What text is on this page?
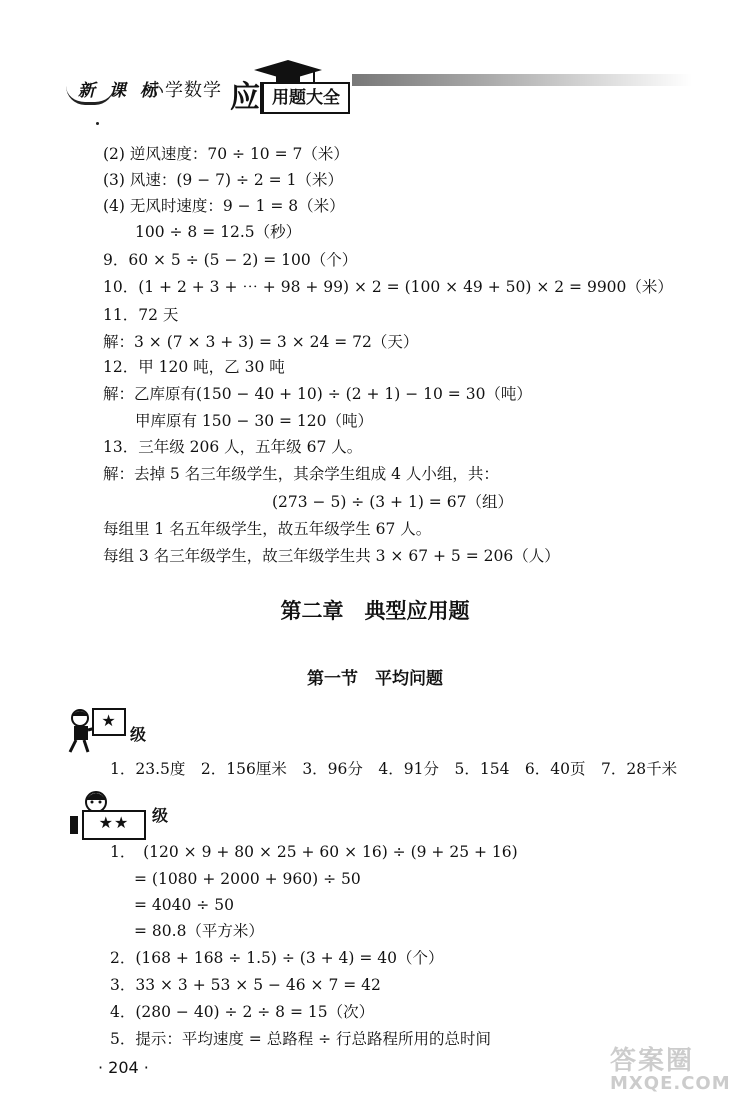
新 课 标
小学数学 应 用题大全
(2) 逆风速度：70 ÷ 10 = 7（米）
(3) 风速：(9 − 7) ÷ 2 = 1（米）
(4) 无风时速度：9 − 1 = 8（米）
100 ÷ 8 = 12.5（秒）
9．60 × 5 ÷ (5 − 2) = 100（个）
10．(1 + 2 + 3 + ⋯ + 98 + 99) × 2 = (100 × 49 + 50) × 2 = 9900（米）
11．72 天
解：3 × (7 × 3 + 3) = 3 × 24 = 72（天）
12．甲 120 吨，乙 30 吨
解：乙库原有(150 − 40 + 10) ÷ (2 + 1) − 10 = 30（吨）
甲库原有 150 − 30 = 120（吨）
13．三年级 206 人，五年级 67 人。
解：去掉 5 名三年级学生，其余学生组成 4 人小组，共：
(273 − 5) ÷ (3 + 1) = 67（组）
每组里 1 名五年级学生，故五年级学生 67 人。
每组 3 名三年级学生，故三年级学生共 3 × 67 + 5 = 206（人）
第二章　典型应用题
第一节　平均问题
★
级
1．23.5度　2．156厘米　3．96分　4．91分　5．154　6．40页　7．28千米
★★	级
1．　(120 × 9 + 80 × 25 + 60 × 16) ÷ (9 + 25 + 16)
= (1080 + 2000 + 960) ÷ 50
= 4040 ÷ 50
= 80.8（平方米）
2．(168 + 168 ÷ 1.5) ÷ (3 + 4) = 40（个）
3．33 × 3 + 53 × 5 − 46 × 7 = 42
4．(280 − 40) ÷ 2 ÷ 8 = 15（次）
5．提示：平均速度 = 总路程 ÷ 行总路程所用的总时间
· 204 ·	答案圈
MXQE.COM
